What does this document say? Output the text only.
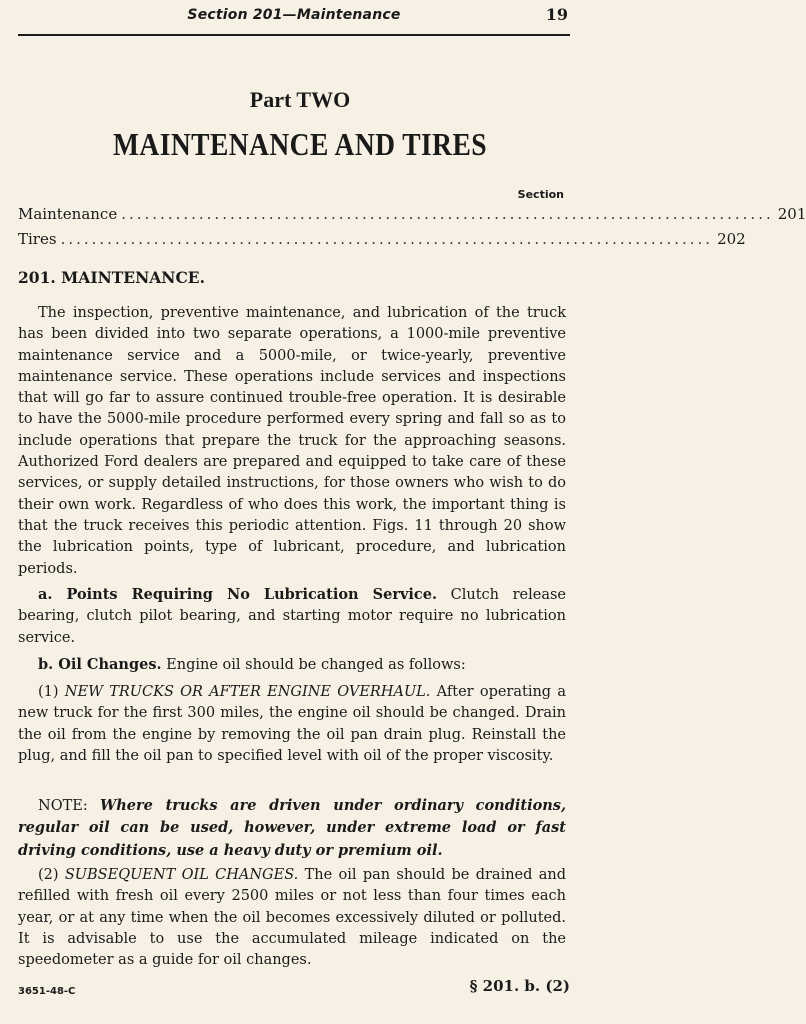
Section 201—Maintenance	19
Part TWO
MAINTENANCE AND TIRES
Section
Maintenance .................................................................................... 201
Tires .................................................................................... 202
201. MAINTENANCE.

The inspection, preventive maintenance, and lubrication of the truck has been divided into two separate operations, a 1000-mile preventive maintenance service and a 5000-mile, or twice-yearly, preventive maintenance service. These operations include services and inspections that will go far to assure continued trouble-free operation. It is desirable to have the 5000-mile procedure performed every spring and fall so as to include operations that prepare the truck for the approaching seasons. Authorized Ford dealers are prepared and equipped to take care of these services, or supply detailed instructions, for those owners who wish to do their own work. Regardless of who does this work, the important thing is that the truck receives this periodic attention. Figs. 11 through 20 show the lubrication points, type of lubricant, procedure, and lubrication periods.

a. Points Requiring No Lubrication Service. Clutch release bearing, clutch pilot bearing, and starting motor require no lubrication service.

b. Oil Changes. Engine oil should be changed as follows:

(1) NEW TRUCKS OR AFTER ENGINE OVERHAUL. After operating a new truck for the first 300 miles, the engine oil should be changed. Drain the oil from the engine by removing the oil pan drain plug. Reinstall the plug, and fill the oil pan to specified level with oil of the proper viscosity.

NOTE: Where trucks are driven under ordinary conditions, regular oil can be used, however, under extreme load or fast driving conditions, use a heavy duty or premium oil.

(2) SUBSEQUENT OIL CHANGES. The oil pan should be drained and refilled with fresh oil every 2500 miles or not less than four times each year, or at any time when the oil becomes excessively diluted or polluted. It is advisable to use the accumulated mileage indicated on the speedometer as a guide for oil changes.

3651-48-C	§ 201. b. (2)
